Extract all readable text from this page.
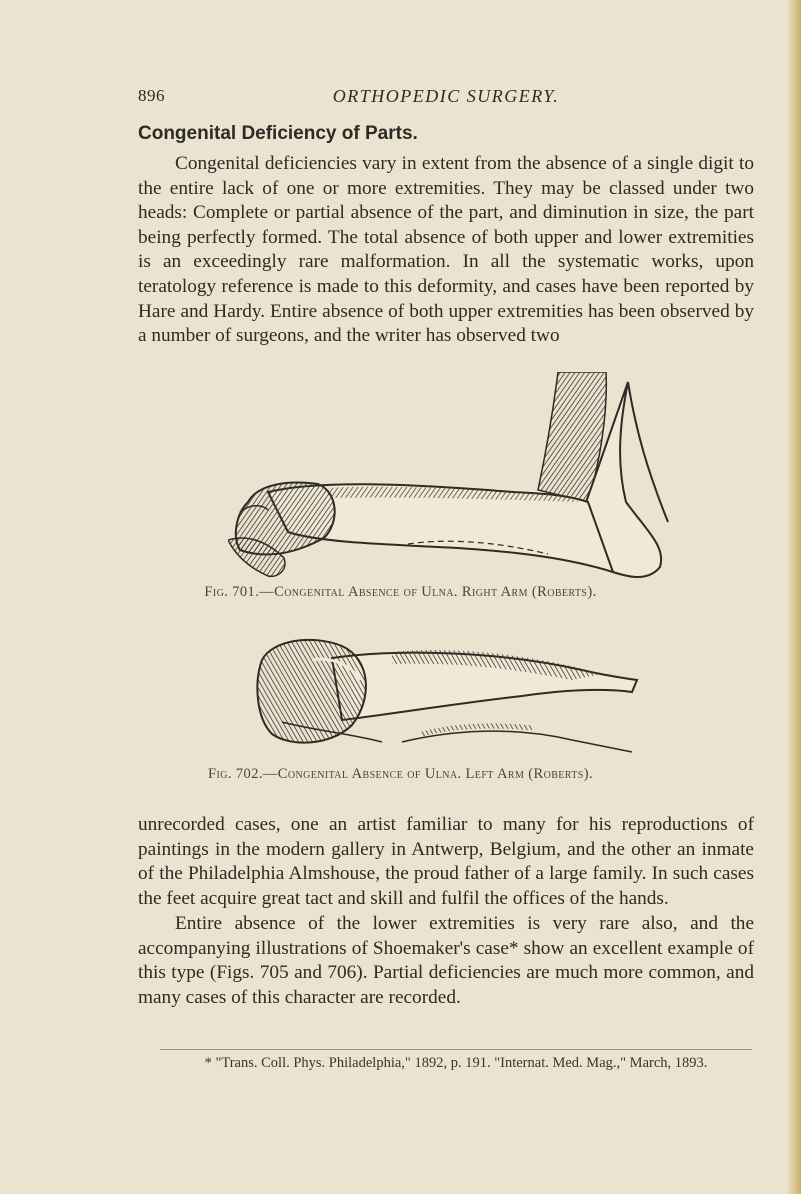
896	ORTHOPEDIC SURGERY.
Congenital Deficiency of Parts.

Congenital deficiencies vary in extent from the absence of a single digit to the entire lack of one or more extremities. They may be classed under two heads: Complete or partial absence of the part, and diminution in size, the part being perfectly formed. The total absence of both upper and lower extremities is an exceedingly rare malformation. In all the systematic works, upon teratology reference is made to this deformity, and cases have been reported by Hare and Hardy. Entire absence of both upper extremities has been observed by a number of surgeons, and the writer has observed two

Fig. 701.—Congenital Absence of Ulna. Right Arm (Roberts).

Fig. 702.—Congenital Absence of Ulna. Left Arm (Roberts).

unrecorded cases, one an artist familiar to many for his reproductions of paintings in the modern gallery in Antwerp, Belgium, and the other an inmate of the Philadelphia Almshouse, the proud father of a large family. In such cases the feet acquire great tact and skill and fulfil the offices of the hands.

Entire absence of the lower extremities is very rare also, and the accompanying illustrations of Shoemaker's case* show an excellent example of this type (Figs. 705 and 706). Partial deficiencies are much more common, and many cases of this character are recorded.

* "Trans. Coll. Phys. Philadelphia," 1892, p. 191. "Internat. Med. Mag.," March, 1893.
